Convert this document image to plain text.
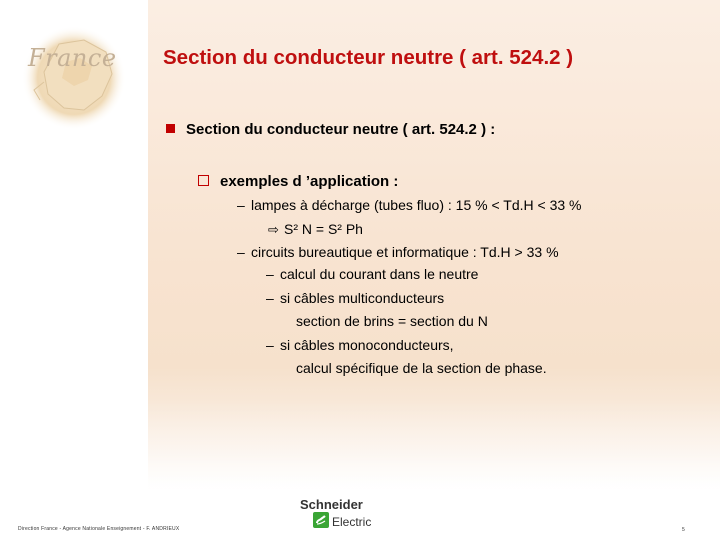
France Section du conducteur neutre ( art. 524.2 )
Section du conducteur neutre ( art. 524.2 ) :
exemples d ’application :
– lampes à décharge (tubes fluo) : 15 % < Td.H < 33 %
⇨ S² N = S² Ph
– circuits bureautique et informatique : Td.H > 33 %
– calcul du courant dans le neutre
– si câbles multiconducteurs
section de brins = section du N
– si câbles monoconducteurs,
calcul spécifique de la section de phase.
Schneider
Electric
Direction France - Agence Nationale Enseignement - F. ANDRIEUX	5
